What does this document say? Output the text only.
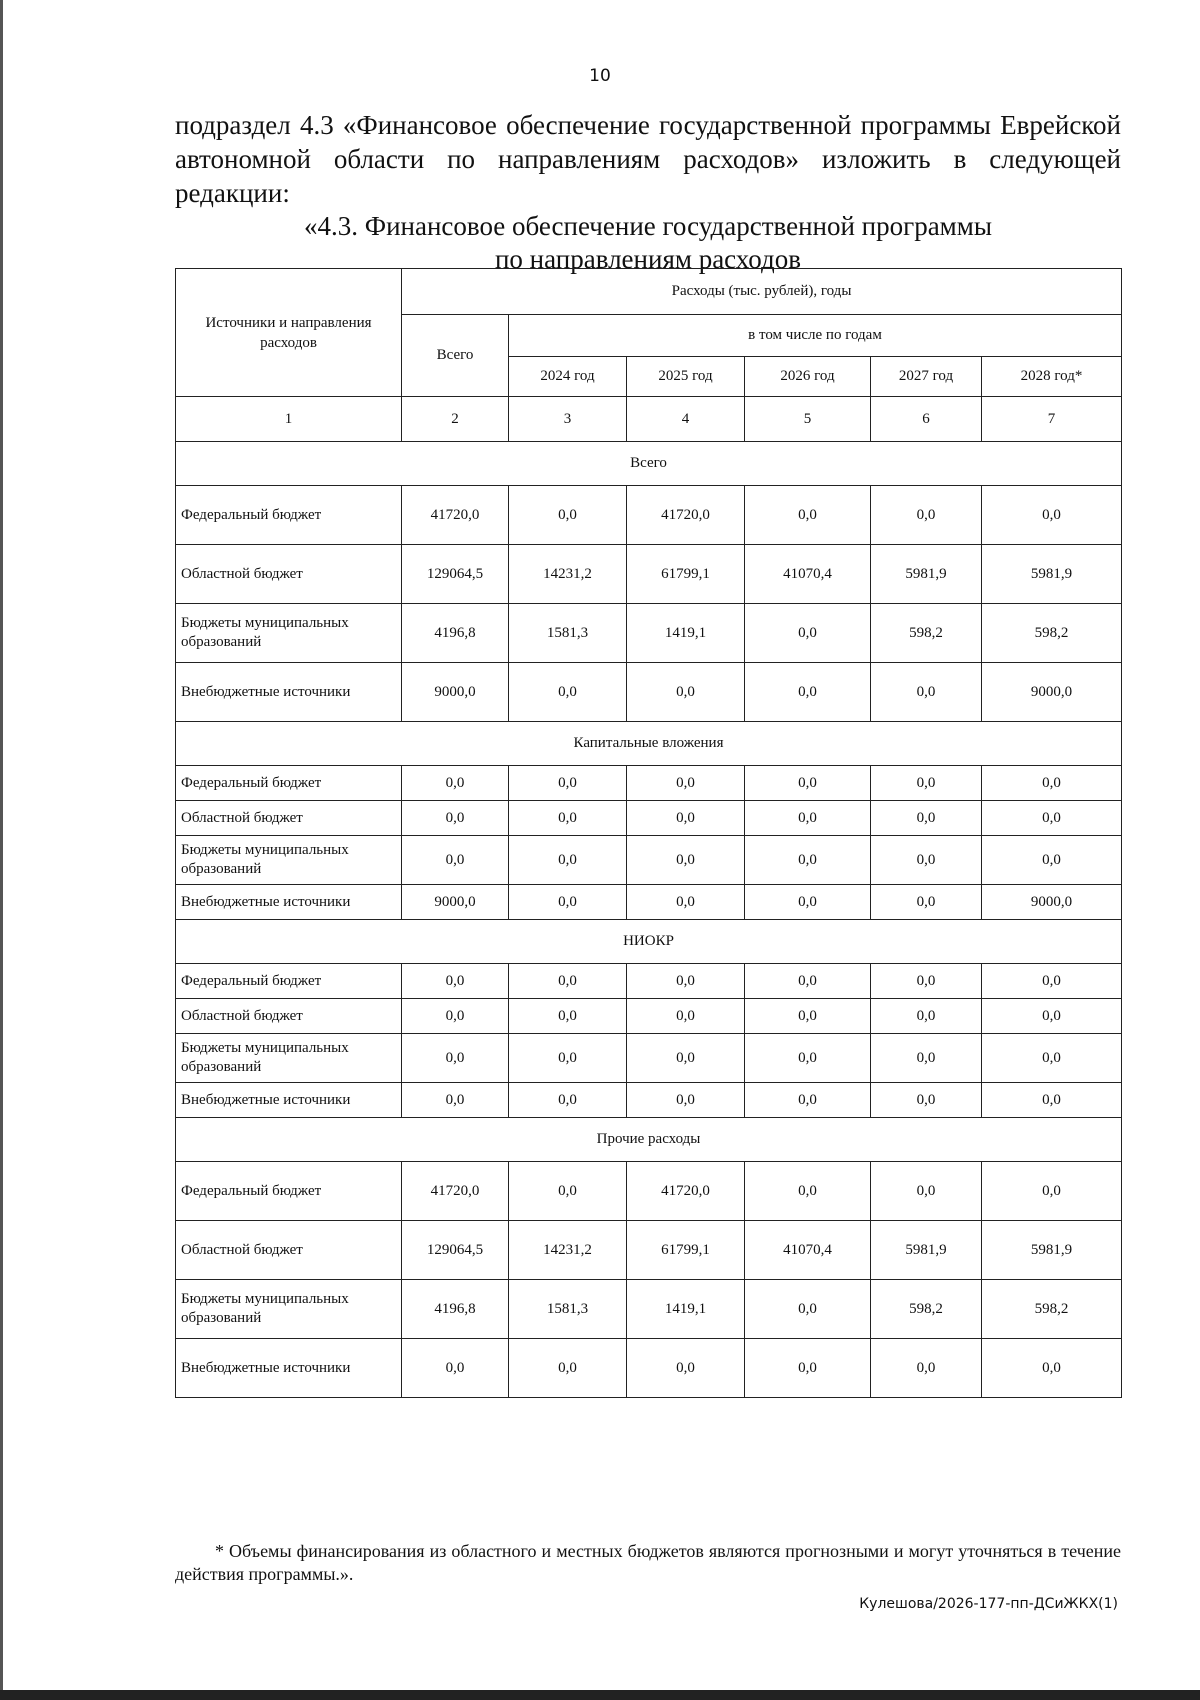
10

подраздел 4.3 «Финансовое обеспечение государственной программы Еврейской автономной области по направлениям расходов» изложить в следующей редакции:

«4.3. Финансовое обеспечение государственной программы
по направлениям расходов
Источники и направления расходов	Расходы (тыс. рублей), годы					
	Всего	в том числе по годам				
		2024 год	2025 год	2026 год	2027 год	2028 год*
1	2	3	4	5	6	7
Всего						
Федеральный бюджет	41720,0	0,0	41720,0	0,0	0,0	0,0
Областной бюджет	129064,5	14231,2	61799,1	41070,4	5981,9	5981,9
Бюджеты муниципальных образований	4196,8	1581,3	1419,1	0,0	598,2	598,2
Внебюджетные источники	9000,0	0,0	0,0	0,0	0,0	9000,0
Капитальные вложения						
Федеральный бюджет	0,0	0,0	0,0	0,0	0,0	0,0
Областной бюджет	0,0	0,0	0,0	0,0	0,0	0,0
Бюджеты муниципальных образований	0,0	0,0	0,0	0,0	0,0	0,0
Внебюджетные источники	9000,0	0,0	0,0	0,0	0,0	9000,0
НИОКР						
Федеральный бюджет	0,0	0,0	0,0	0,0	0,0	0,0
Областной бюджет	0,0	0,0	0,0	0,0	0,0	0,0
Бюджеты муниципальных образований	0,0	0,0	0,0	0,0	0,0	0,0
Внебюджетные источники	0,0	0,0	0,0	0,0	0,0	0,0
Прочие расходы						
Федеральный бюджет	41720,0	0,0	41720,0	0,0	0,0	0,0
Областной бюджет	129064,5	14231,2	61799,1	41070,4	5981,9	5981,9
Бюджеты муниципальных образований	4196,8	1581,3	1419,1	0,0	598,2	598,2
Внебюджетные источники	0,0	0,0	0,0	0,0	0,0	0,0

* Объемы финансирования из областного и местных бюджетов являются прогнозными и могут уточняться в течение действия программы.».

Кулешова/2026-177-пп-ДСиЖКХ(1)
